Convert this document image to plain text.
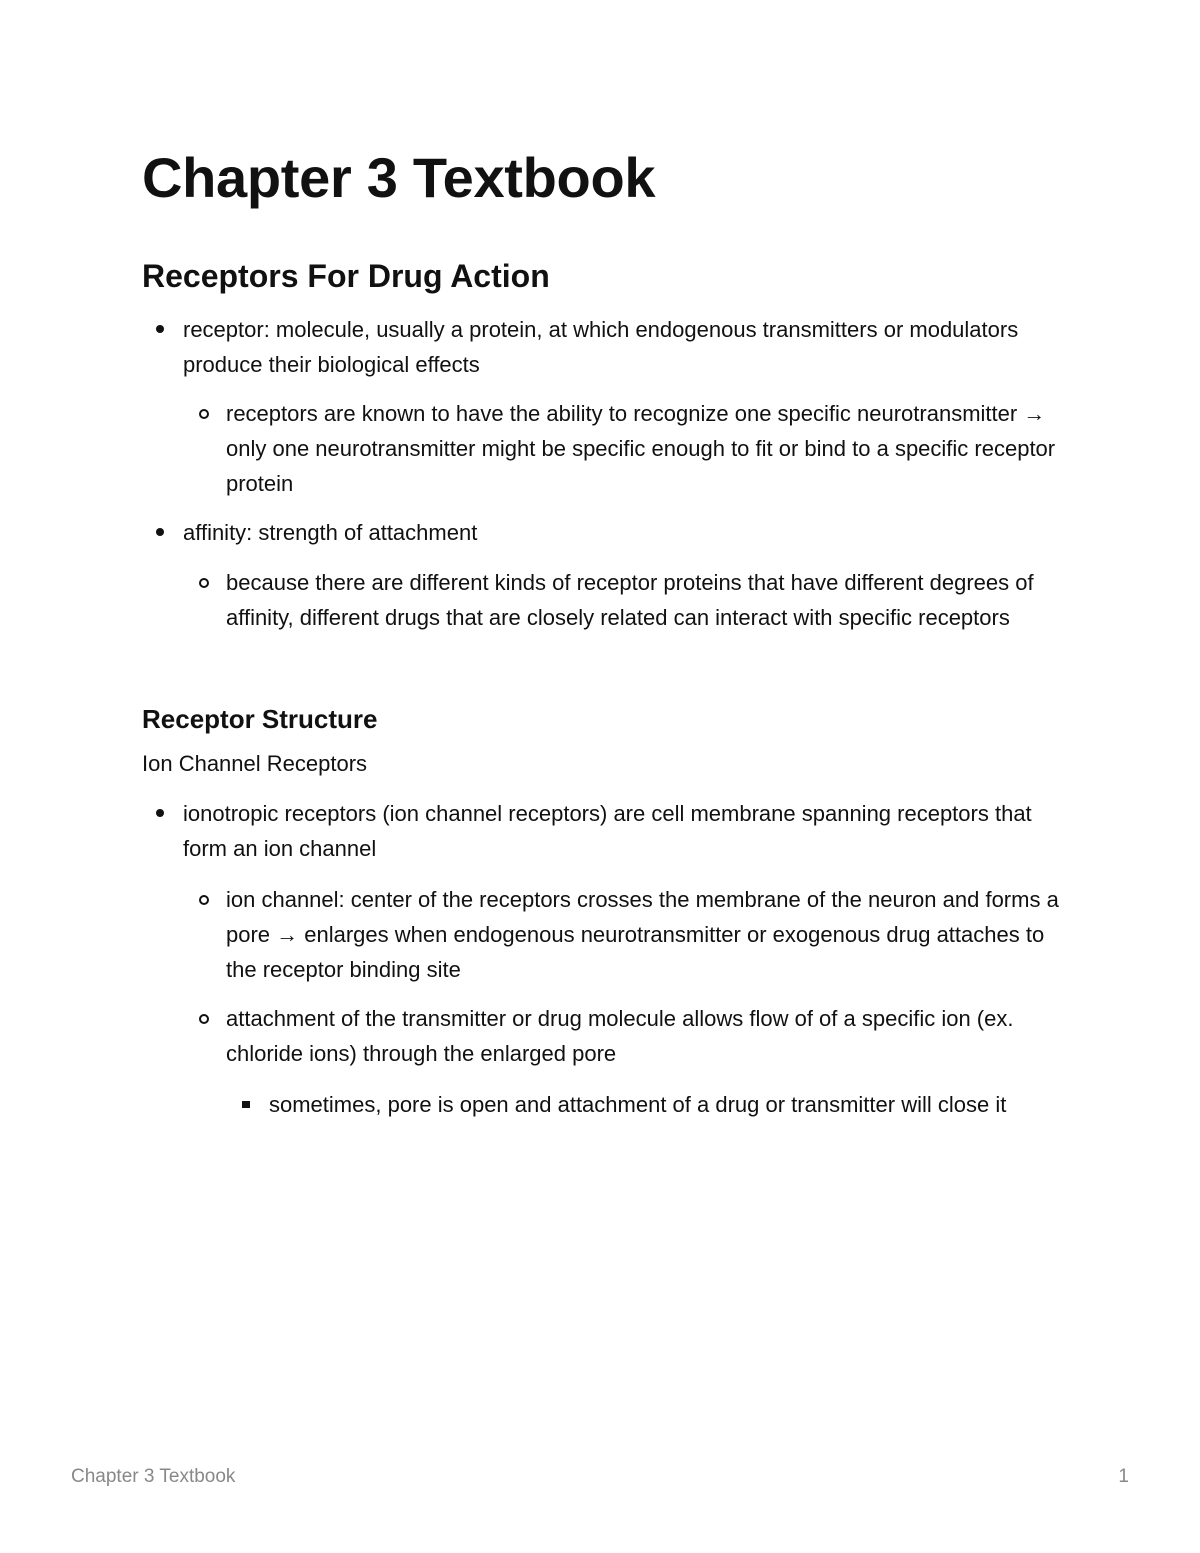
Chapter 3 Textbook
Receptors For Drug Action
receptor: molecule, usually a protein, at which endogenous transmitters or modulators produce their biological effects
receptors are known to have the ability to recognize one specific neurotransmitter → only one neurotransmitter might be specific enough to fit or bind to a specific receptor protein
affinity: strength of attachment
because there are different kinds of receptor proteins that have different degrees of affinity, different drugs that are closely related can interact with specific receptors
Receptor Structure

Ion Channel Receptors

ionotropic receptors (ion channel receptors) are cell membrane spanning receptors that form an ion channel
ion channel: center of the receptors crosses the membrane of the neuron and forms a pore → enlarges when endogenous neurotransmitter or exogenous drug attaches to the receptor binding site
attachment of the transmitter or drug molecule allows flow of of a specific ion (ex. chloride ions) through the enlarged pore
sometimes, pore is open and attachment of a drug or transmitter will close it
Chapter 3 Textbook	1
